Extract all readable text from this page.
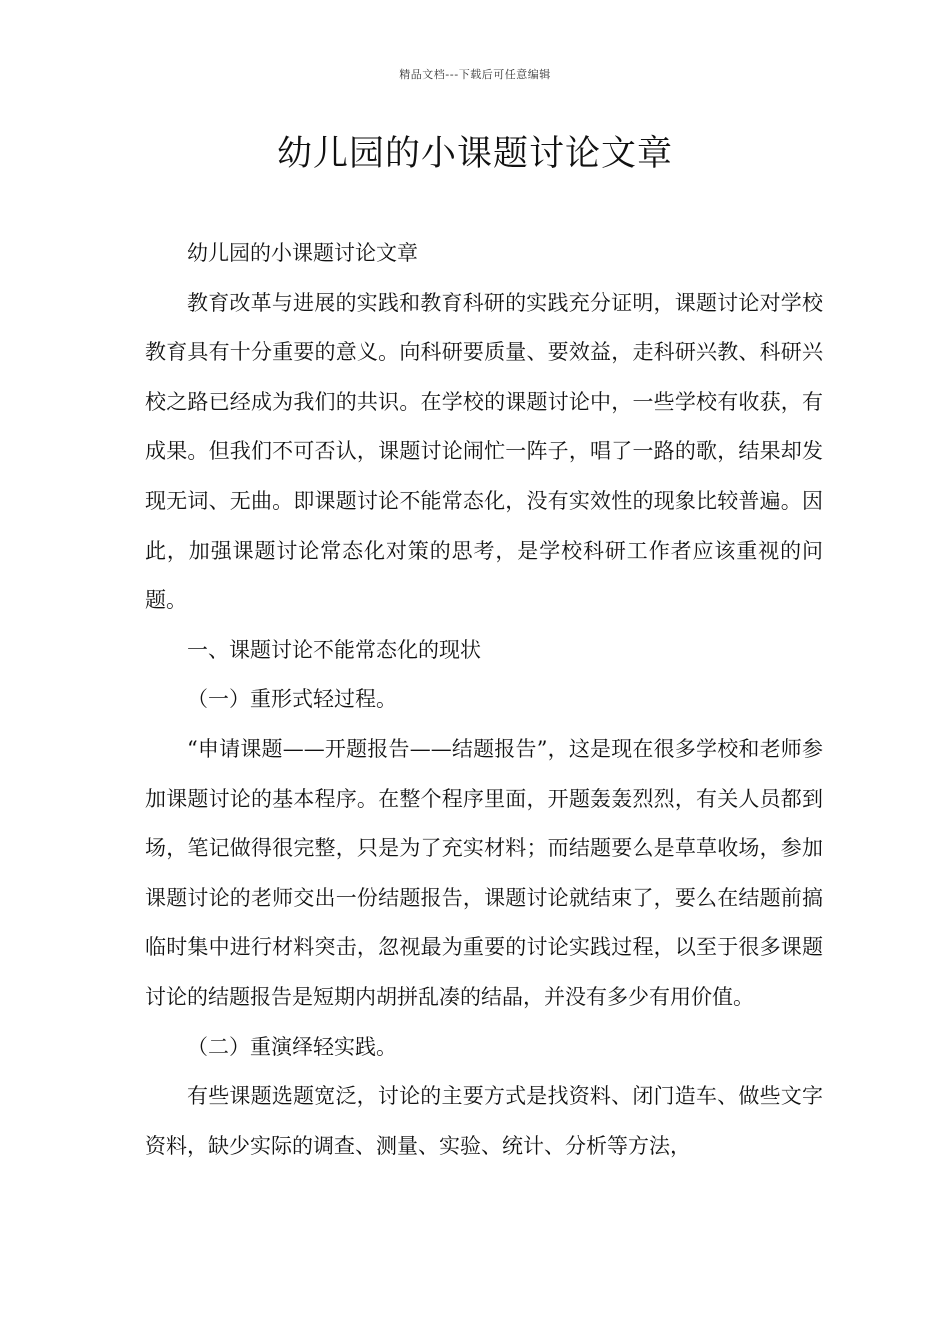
精品文档---下载后可任意编辑
幼儿园的小课题讨论文章

幼儿园的小课题讨论文章

教育改革与进展的实践和教育科研的实践充分证明，课题讨论对学校教育具有十分重要的意义。向科研要质量、要效益，走科研兴教、科研兴校之路已经成为我们的共识。在学校的课题讨论中，一些学校有收获，有成果。但我们不可否认，课题讨论闹忙一阵子，唱了一路的歌，结果却发现无词、无曲。即课题讨论不能常态化，没有实效性的现象比较普遍。因此，加强课题讨论常态化对策的思考，是学校科研工作者应该重视的问题。

一、课题讨论不能常态化的现状

（一）重形式轻过程。

“申请课题——开题报告——结题报告”，这是现在很多学校和老师参加课题讨论的基本程序。在整个程序里面，开题轰轰烈烈，有关人员都到场，笔记做得很完整，只是为了充实材料；而结题要么是草草收场，参加课题讨论的老师交出一份结题报告，课题讨论就结束了，要么在结题前搞临时集中进行材料突击，忽视最为重要的讨论实践过程，以至于很多课题讨论的结题报告是短期内胡拼乱凑的结晶，并没有多少有用价值。

（二）重演绎轻实践。

有些课题选题宽泛，讨论的主要方式是找资料、闭门造车、做些文字资料，缺少实际的调查、测量、实验、统计、分析等方法，
